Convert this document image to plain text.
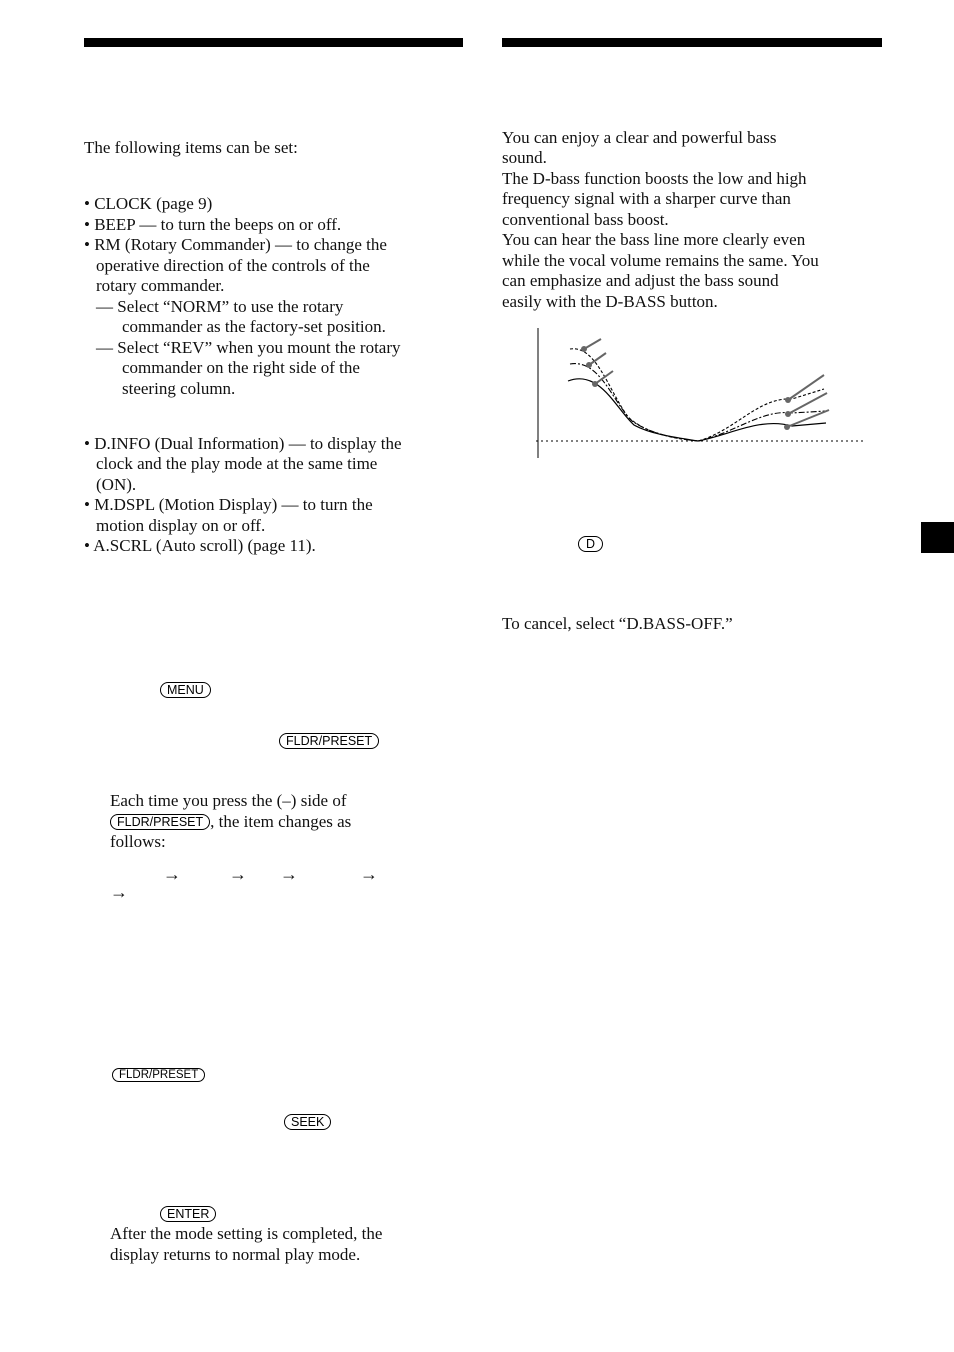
The following items can be set:
• CLOCK (page 9)
• BEEP — to turn the beeps on or off.
• RM (Rotary Commander) — to change the
operative direction of the controls of the
rotary commander.
— Select “NORM” to use the rotary
commander as the factory-set position.
— Select “REV” when you mount the rotary
commander on the right side of the
steering column.
• D.INFO (Dual Information) — to display the
clock and the play mode at the same time
(ON).
• M.DSPL (Motion Display) — to turn the
motion display on or off.
• A.SCRL (Auto scroll) (page 11).
MENU
FLDR/PRESET
Each time you press the (–) side of
FLDR/PRESET , the item changes as
follows:
→	→ →	→
→
FLDR/PRESET
SEEK
ENTER
After the mode setting is completed, the
display returns to normal play mode.
You can enjoy a clear and powerful bass
sound.
The D-bass function boosts the low and high
frequency signal with a sharper curve than
conventional bass boost.
You can hear the bass line more clearly even
while the vocal volume remains the same. You
can emphasize and adjust the bass sound
easily with the D-BASS button.
D
To cancel, select “D.BASS-OFF.”
